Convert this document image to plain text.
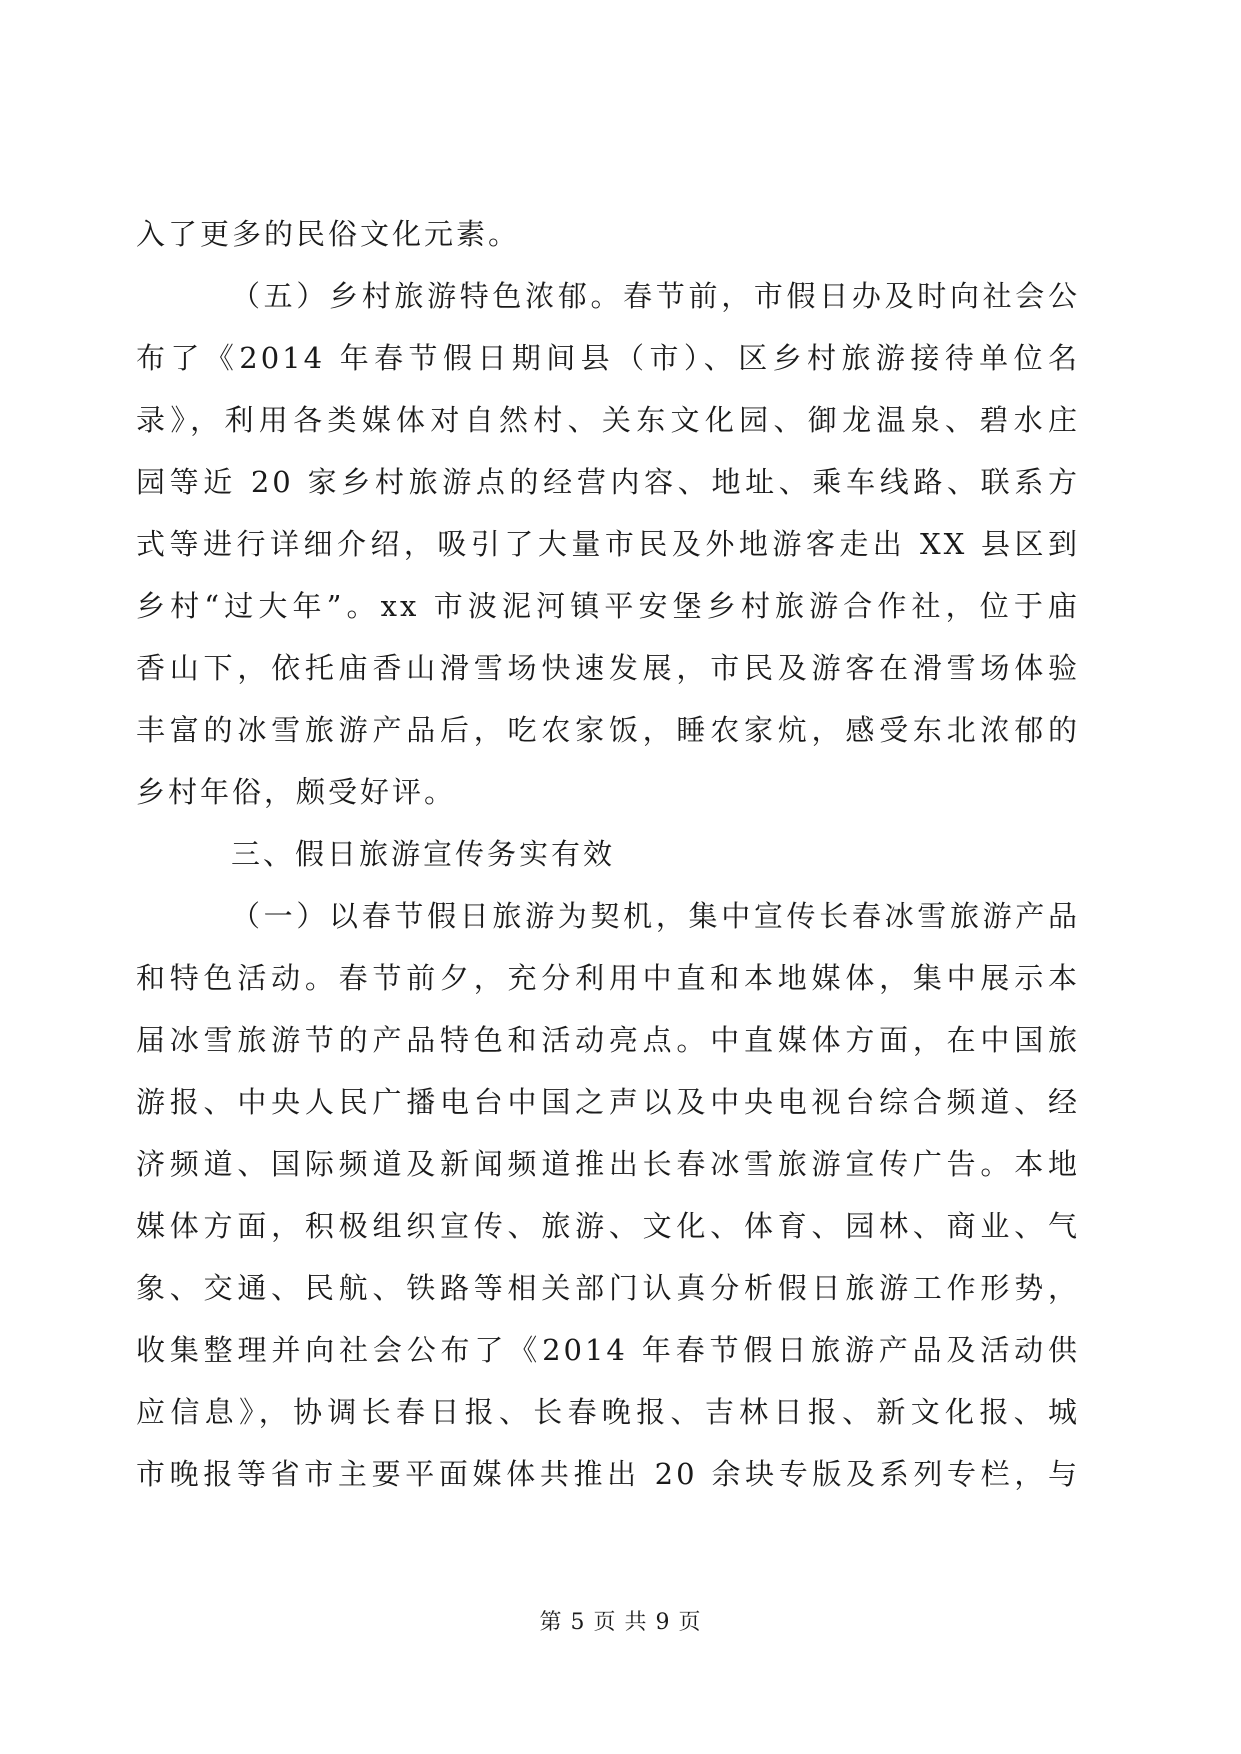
入了更多的民俗文化元素。
（五）乡村旅游特色浓郁。春节前，市假日办及时向社会公
布了《2014 年春节假日期间县（市）、区乡村旅游接待单位名
录》，利用各类媒体对自然村、关东文化园、御龙温泉、碧水庄
园等近 20 家乡村旅游点的经营内容、地址、乘车线路、联系方
式等进行详细介绍，吸引了大量市民及外地游客走出 XX 县区到
乡村“过大年”。xx 市波泥河镇平安堡乡村旅游合作社，位于庙
香山下，依托庙香山滑雪场快速发展，市民及游客在滑雪场体验
丰富的冰雪旅游产品后，吃农家饭，睡农家炕，感受东北浓郁的
乡村年俗，颇受好评。
三、假日旅游宣传务实有效
（一）以春节假日旅游为契机，集中宣传长春冰雪旅游产品
和特色活动。春节前夕，充分利用中直和本地媒体，集中展示本
届冰雪旅游节的产品特色和活动亮点。中直媒体方面，在中国旅
游报、中央人民广播电台中国之声以及中央电视台综合频道、经
济频道、国际频道及新闻频道推出长春冰雪旅游宣传广告。本地
媒体方面，积极组织宣传、旅游、文化、体育、园林、商业、气
象、交通、民航、铁路等相关部门认真分析假日旅游工作形势，
收集整理并向社会公布了《2014 年春节假日旅游产品及活动供
应信息》，协调长春日报、长春晚报、吉林日报、新文化报、城
市晚报等省市主要平面媒体共推出 20 余块专版及系列专栏，与
第 5 页 共 9 页
